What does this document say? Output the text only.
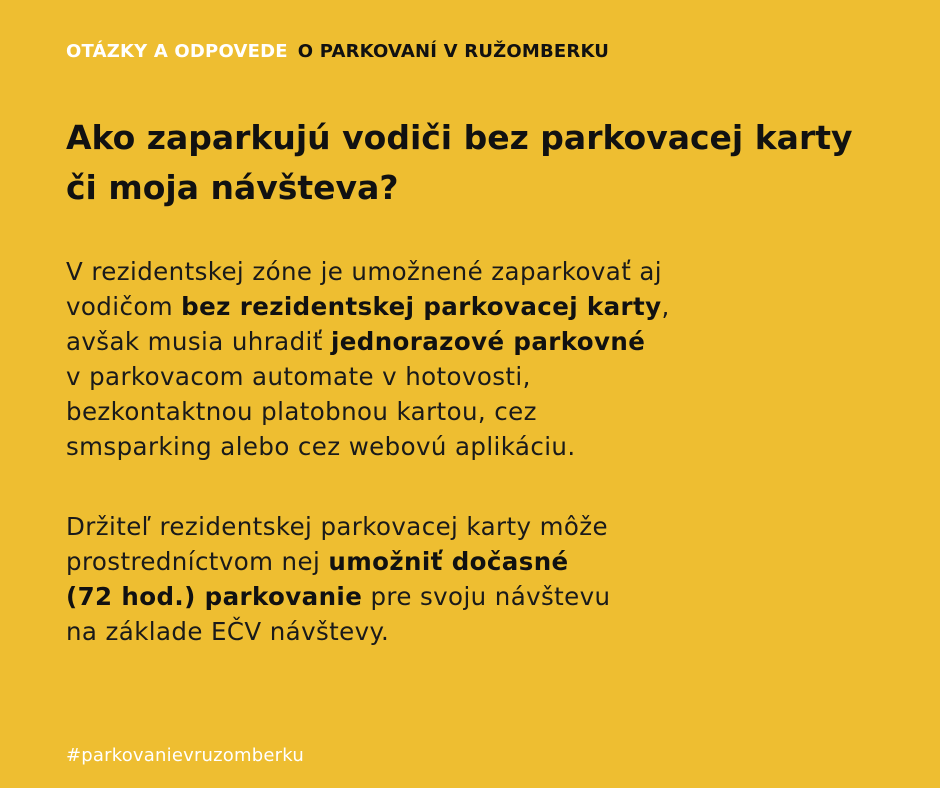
OTÁZKY A ODPOVEDE O PARKOVANÍ V RUŽOMBERKU
Ako zaparkujú vodiči bez parkovacej karty či moja návšteva?

V rezidentskej zóne je umožnené zaparkovať aj
vodičom bez rezidentskej parkovacej karty,
avšak musia uhradiť jednorazové parkovné
v parkovacom automate v hotovosti,
bezkontaktnou platobnou kartou, cez
smsparking alebo cez webovú aplikáciu.

Držiteľ rezidentskej parkovacej karty môže
prostredníctvom nej umožniť dočasné
(72 hod.) parkovanie pre svoju návštevu
na základe EČV návštevy.

#parkovanievruzomberku
